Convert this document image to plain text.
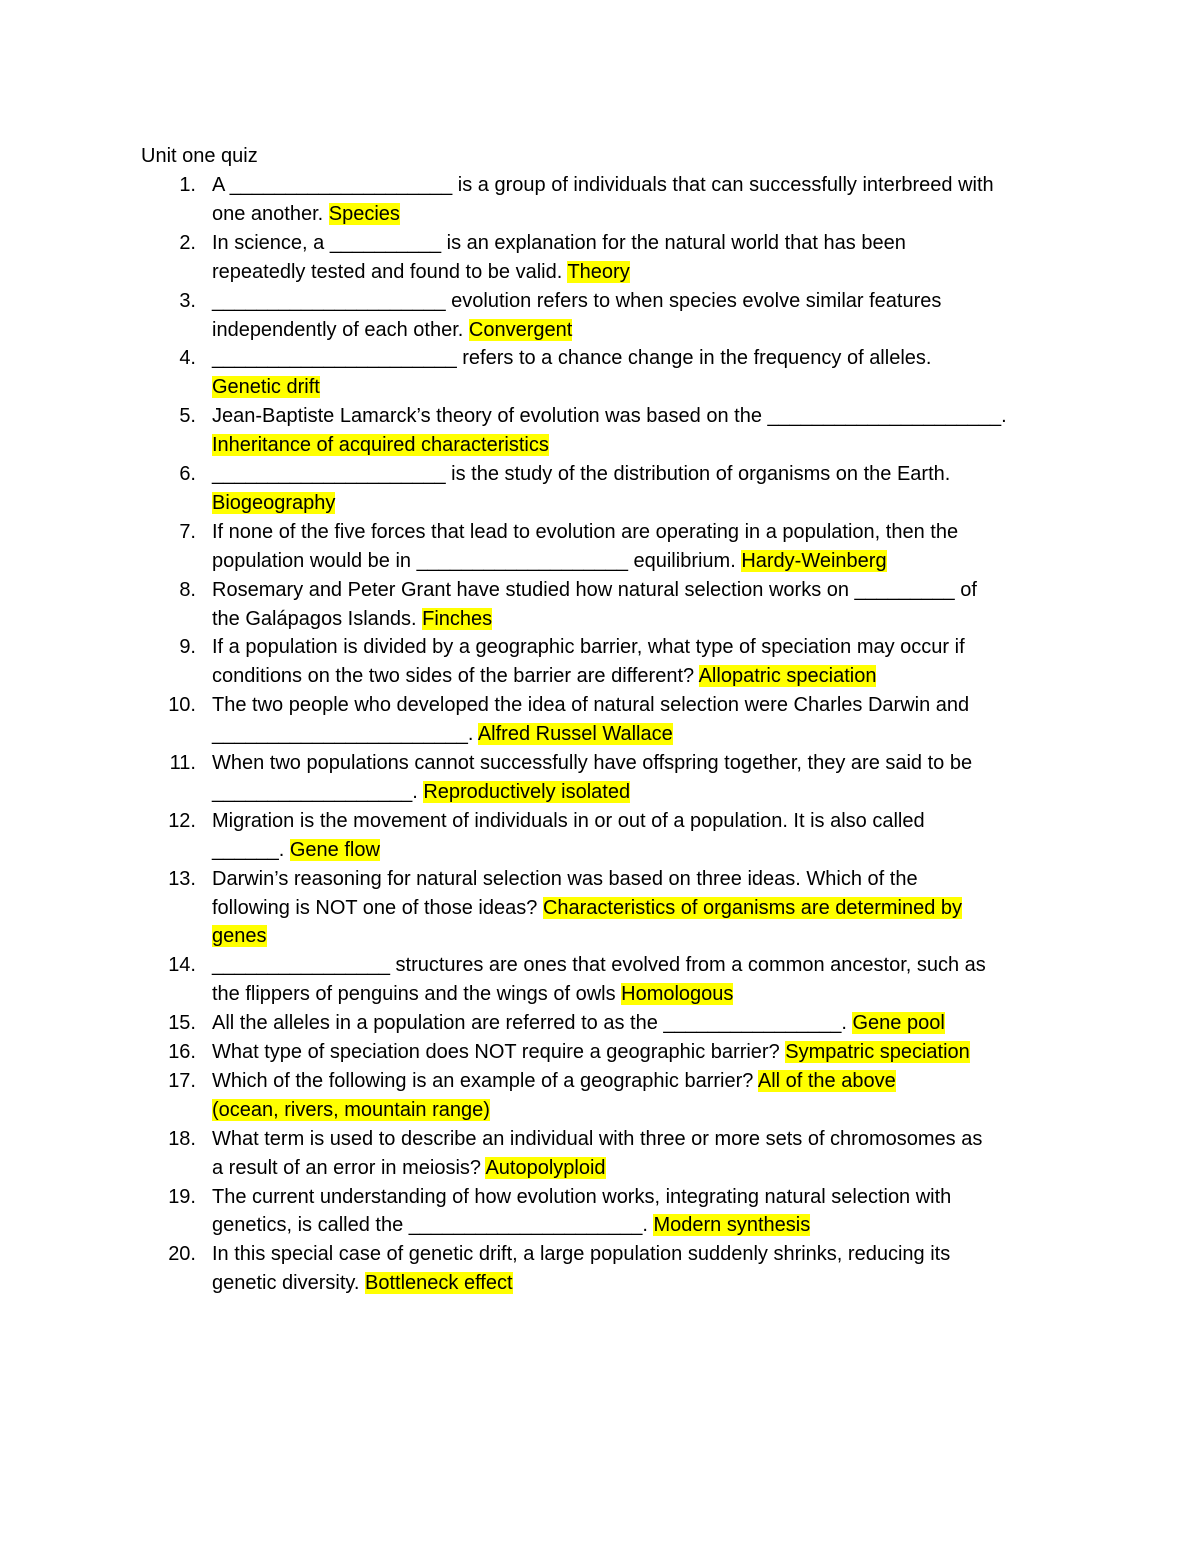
Unit one quiz
1. A ____________________ is a group of individuals that can successfully interbreed with
one another. Species
2. In science, a __________ is an explanation for the natural world that has been
repeatedly tested and found to be valid. Theory
3. _____________________ evolution refers to when species evolve similar features
independently of each other. Convergent
4. ______________________ refers to a chance change in the frequency of alleles.
Genetic drift
5. Jean-Baptiste Lamarck’s theory of evolution was based on the _____________________.
Inheritance of acquired characteristics
6. _____________________ is the study of the distribution of organisms on the Earth.
Biogeography
7. If none of the five forces that lead to evolution are operating in a population, then the
population would be in ___________________ equilibrium. Hardy-Weinberg
8. Rosemary and Peter Grant have studied how natural selection works on _________ of
the Galápagos Islands. Finches
9. If a population is divided by a geographic barrier, what type of speciation may occur if
conditions on the two sides of the barrier are different? Allopatric speciation
10. The two people who developed the idea of natural selection were Charles Darwin and
_______________________. Alfred Russel Wallace
11. When two populations cannot successfully have offspring together, they are said to be
__________________. Reproductively isolated
12. Migration is the movement of individuals in or out of a population. It is also called
______. Gene flow
13. Darwin’s reasoning for natural selection was based on three ideas. Which of the
following is NOT one of those ideas? Characteristics of organisms are determined by
genes
14. ________________ structures are ones that evolved from a common ancestor, such as
the flippers of penguins and the wings of owls Homologous
15. All the alleles in a population are referred to as the ________________. Gene pool
16. What type of speciation does NOT require a geographic barrier? Sympatric speciation
17. Which of the following is an example of a geographic barrier? All of the above
(ocean, rivers, mountain range)
18. What term is used to describe an individual with three or more sets of chromosomes as
a result of an error in meiosis? Autopolyploid
19. The current understanding of how evolution works, integrating natural selection with
genetics, is called the _____________________. Modern synthesis
20. In this special case of genetic drift, a large population suddenly shrinks, reducing its
genetic diversity. Bottleneck effect
